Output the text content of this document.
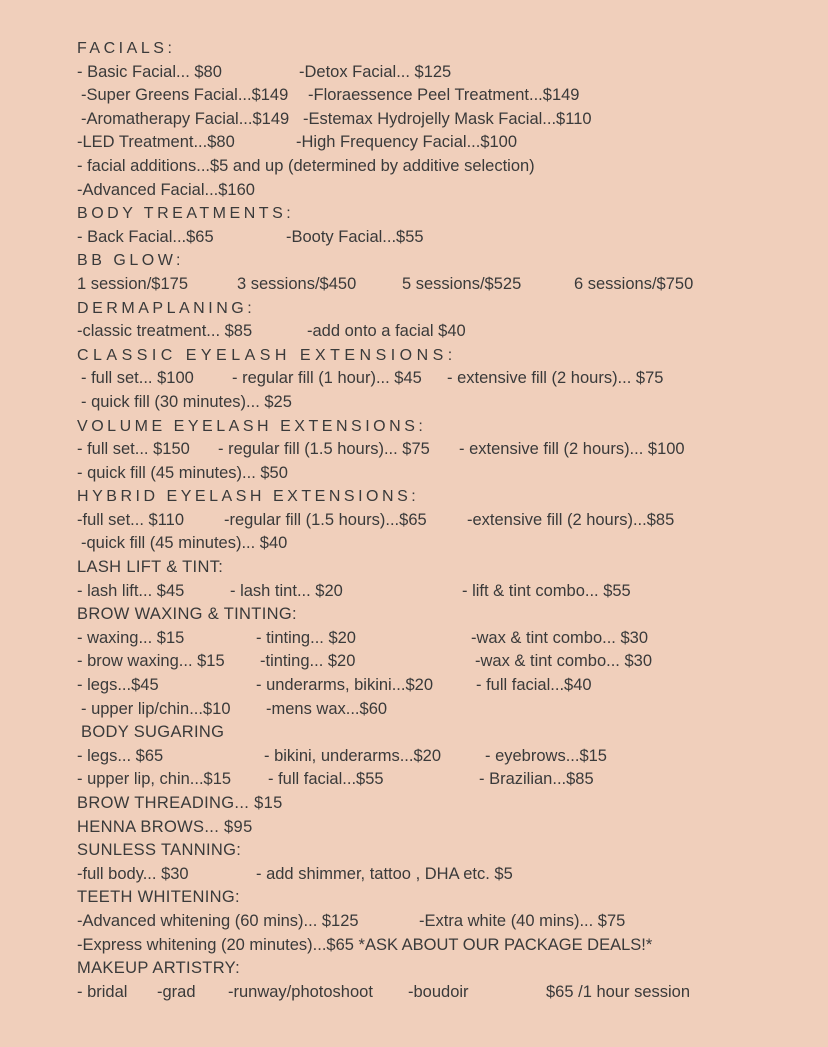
FACIALS:

- Basic Facial... $80

	-Detox Facial... $125

-Super Greens Facial...$149

-Floraessence Peel Treatment...$149

-Aromatherapy Facial...$149

-Estemax Hydrojelly Mask Facial...$110

-LED Treatment...$80

	-High Frequency Facial...$100

- facial additions...$5 and up (determined by additive selection)

-Advanced Facial...$160

BODY TREATMENTS:

- Back Facial...$65

	-Booty Facial...$55

BB GLOW:

1 session/$175

	3 sessions/$450

	5 sessions/$525

	6 sessions/$750

DERMAPLANING:

-classic treatment... $85

	-add onto a facial $40

CLASSIC EYELASH EXTENSIONS:

- full set... $100

- regular fill (1 hour)... $45

- extensive fill (2 hours)... $75

- quick fill (30 minutes)... $25

VOLUME EYELASH EXTENSIONS:

- full set... $150

- regular fill (1.5 hours)... $75

- extensive fill (2 hours)... $100

- quick fill (45 minutes)... $50

HYBRID EYELASH EXTENSIONS:

-full set... $110

-regular fill (1.5 hours)...$65

-extensive fill (2 hours)...$85

-quick fill (45 minutes)... $40

LASH LIFT & TINT:

- lash lift... $45

	- lash tint... $20

	- lift & tint combo... $55

BROW WAXING & TINTING:

- waxing... $15

	- tinting... $20

	-wax & tint combo... $30

- brow waxing... $15

-tinting... $20

	-wax & tint combo... $30

- legs...$45

	- underarms, bikini...$20

	- full facial...$40

- upper lip/chin...$10

-mens wax...$60

BODY SUGARING

- legs... $65

	- bikini, underarms...$20

	- eyebrows...$15

- upper lip, chin...$15

- full facial...$55

	- Brazilian...$85

BROW THREADING... $15

HENNA BROWS... $95

SUNLESS TANNING:

-full body... $30

	- add shimmer, tattoo , DHA etc. $5

TEETH WHITENING:

-Advanced whitening (60 mins)... $125

	-Extra white (40 mins)... $75

-Express whitening (20 minutes)...$65 *ASK ABOUT OUR PACKAGE DEALS!*

MAKEUP ARTISTRY:

- bridal

-grad

-runway/photoshoot

-boudoir

	$65 /1 hour session
